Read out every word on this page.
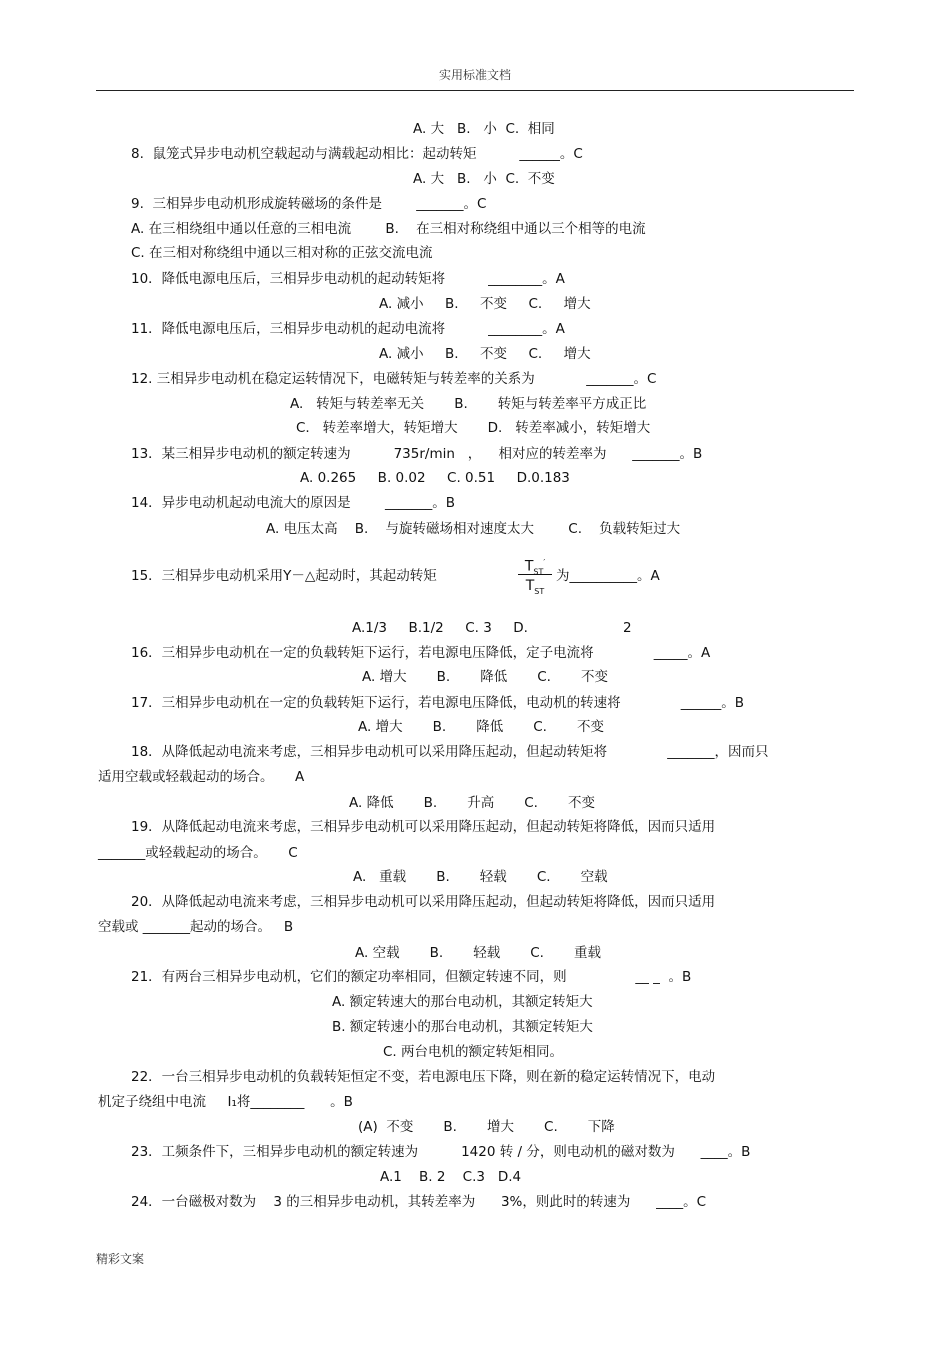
实用标准文档
A. 大   B.   小  C.  相同
8.  鼠笼式异步电动机空载起动与满载起动相比：起动转矩          ______。C
A. 大   B.   小  C.  不变
9.  三相异步电动机形成旋转磁场的条件是        _______。C
A. 在三相绕组中通以任意的三相电流        B.    在三相对称绕组中通以三个相等的电流
C. 在三相对称绕组中通以三相对称的正弦交流电流
10．降低电源电压后，三相异步电动机的起动转矩将          ________。A
A. 减小     B.     不变     C.     增大
11．降低电源电压后，三相异步电动机的起动电流将          ________。A
A. 减小     B.     不变     C.     增大
12. 三相异步电动机在稳定运转情况下，电磁转矩与转差率的关系为            _______。C
A.   转矩与转差率无关       B.       转矩与转差率平方成正比
C.   转差率增大，转矩增大       D.   转差率减小，转矩增大
13．某三相异步电动机的额定转速为          735r/min   ，    相对应的转差率为      _______。B
A. 0.265     B. 0.02     C. 0.51     D.0.183
14．异步电动机起动电流大的原因是        _______。B
A. 电压太高    B.    与旋转磁场相对速度太大        C.    负载转矩过大
15．三相异步电动机采用Y－△起动时，其起动转矩
$T_{ST}'$
$T_{ST}$
为__________。A
A.1/3     B.1/2     C. 3     D.	2
16．三相异步电动机在一定的负载转矩下运行，若电源电压降低，定子电流将              _____。A
A. 增大       B.       降低       C.       不变
17．三相异步电动机在一定的负载转矩下运行，若电源电压降低，电动机的转速将              ______。B
A. 增大       B.       降低       C.       不变
18．从降低起动电流来考虑，三相异步电动机可以采用降压起动，但起动转矩将              _______，因而只
适用空载或轻载起动的场合。     A
A. 降低       B.       升高       C.       不变
19．从降低起动电流来考虑，三相异步电动机可以采用降压起动，但起动转矩将降低，因而只适用
_______或轻载起动的场合。     C
A.   重载       B.       轻载       C.       空载
20．从降低起动电流来考虑，三相异步电动机可以采用降压起动，但起动转矩将降低，因而只适用
空载或 _______起动的场合。   B
A. 空载       B.       轻载       C.       重载
21．有两台三相异步电动机，它们的额定功率相同，但额定转速不同，则                __ _  。B
A. 额定转速大的那台电动机，其额定转矩大
B. 额定转速小的那台电动机，其额定转矩大
C. 两台电机的额定转矩相同。
22．一台三相异步电动机的负载转矩恒定不变，若电源电压下降，则在新的稳定运转情况下，电动
机定子绕组中电流     I₁将________      。B
(A)  不变       B.       增大       C.       下降
23．工频条件下，三相异步电动机的额定转速为          1420 转 / 分，则电动机的磁对数为      ____。B
A.1    B. 2    C.3   D.4
24．一台磁极对数为    3 的三相异步电动机，其转差率为      3%，则此时的转速为      ____。C
精彩文案
